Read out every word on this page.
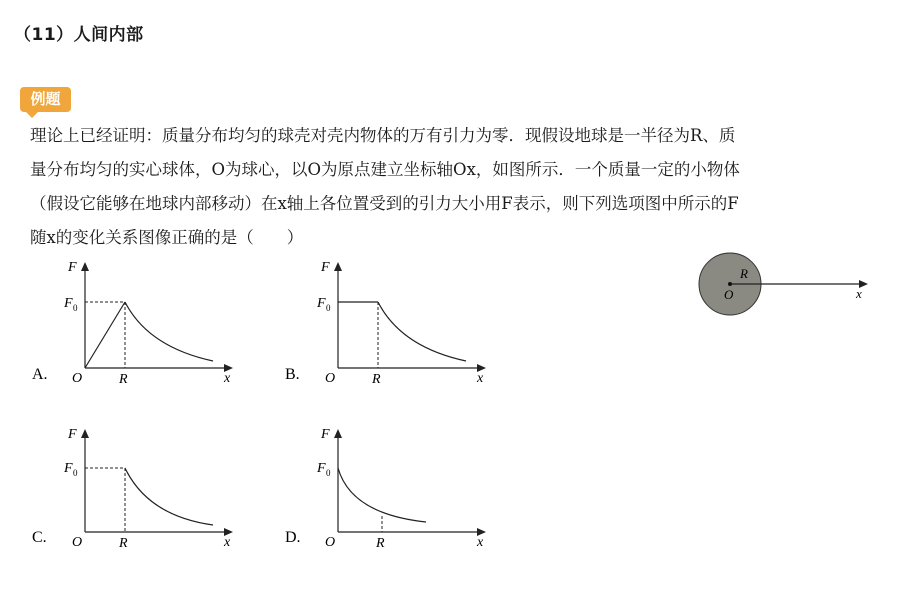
（11）人间内部
例题

理论上已经证明：质量分布均匀的球壳对壳内物体的万有引力为零．现假设地球是一半径为R、质

量分布均匀的实心球体，O为球心，以O为原点建立坐标轴Ox，如图所示．一个质量一定的小物体

（假设它能够在地球内部移动）在x轴上各位置受到的引力大小用F表示，则下列选项图中所示的F

随x的变化关系图像正确的是（　　）

O
R
x
A.
F
x
O	R
F 0
B.
F
x
O	R
F 0
C.
F
x
O	R
F 0
D.
F
x
O	R
F 0
